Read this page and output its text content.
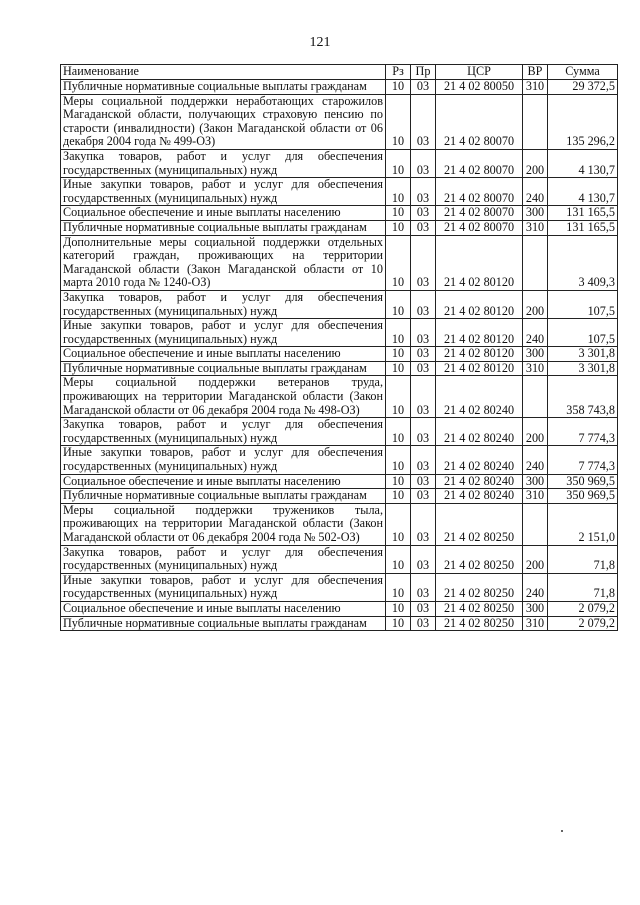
121
Наименование	Рз	Пр	ЦСР	ВР	Сумма
Публичные нормативные социальные выплаты гражданам	10	03	21 4 02 80050	310	29 372,5
Меры социальной поддержки неработающих старожилов Магаданской области, получающих страховую пенсию по старости (инвалидности) (Закон Магаданской области от 06 декабря 2004 года № 499-ОЗ)	10	03	21 4 02 80070		135 296,2
Закупка товаров, работ и услуг для обеспечения государственных (муниципальных) нужд	10	03	21 4 02 80070	200	4 130,7
Иные закупки товаров, работ и услуг для обеспечения государственных (муниципальных) нужд	10	03	21 4 02 80070	240	4 130,7
Социальное обеспечение и иные выплаты населению	10	03	21 4 02 80070	300	131 165,5
Публичные нормативные социальные выплаты гражданам	10	03	21 4 02 80070	310	131 165,5
Дополнительные меры социальной поддержки отдельных категорий граждан, проживающих на территории Магаданской области (Закон Магаданской области от 10 марта 2010 года № 1240-ОЗ)	10	03	21 4 02 80120		3 409,3
Закупка товаров, работ и услуг для обеспечения государственных (муниципальных) нужд	10	03	21 4 02 80120	200	107,5
Иные закупки товаров, работ и услуг для обеспечения государственных (муниципальных) нужд	10	03	21 4 02 80120	240	107,5
Социальное обеспечение и иные выплаты населению	10	03	21 4 02 80120	300	3 301,8
Публичные нормативные социальные выплаты гражданам	10	03	21 4 02 80120	310	3 301,8
Меры социальной поддержки ветеранов труда, проживающих на территории Магаданской области (Закон Магаданской области от 06 декабря 2004 года № 498-ОЗ)	10	03	21 4 02 80240		358 743,8
Закупка товаров, работ и услуг для обеспечения государственных (муниципальных) нужд	10	03	21 4 02 80240	200	7 774,3
Иные закупки товаров, работ и услуг для обеспечения государственных (муниципальных) нужд	10	03	21 4 02 80240	240	7 774,3
Социальное обеспечение и иные выплаты населению	10	03	21 4 02 80240	300	350 969,5
Публичные нормативные социальные выплаты гражданам	10	03	21 4 02 80240	310	350 969,5
Меры социальной поддержки тружеников тыла, проживающих на территории Магаданской области (Закон Магаданской области от 06 декабря 2004 года № 502-ОЗ)	10	03	21 4 02 80250		2 151,0
Закупка товаров, работ и услуг для обеспечения государственных (муниципальных) нужд	10	03	21 4 02 80250	200	71,8
Иные закупки товаров, работ и услуг для обеспечения государственных (муниципальных) нужд	10	03	21 4 02 80250	240	71,8
Социальное обеспечение и иные выплаты населению	10	03	21 4 02 80250	300	2 079,2
Публичные нормативные социальные выплаты гражданам	10	03	21 4 02 80250	310	2 079,2
